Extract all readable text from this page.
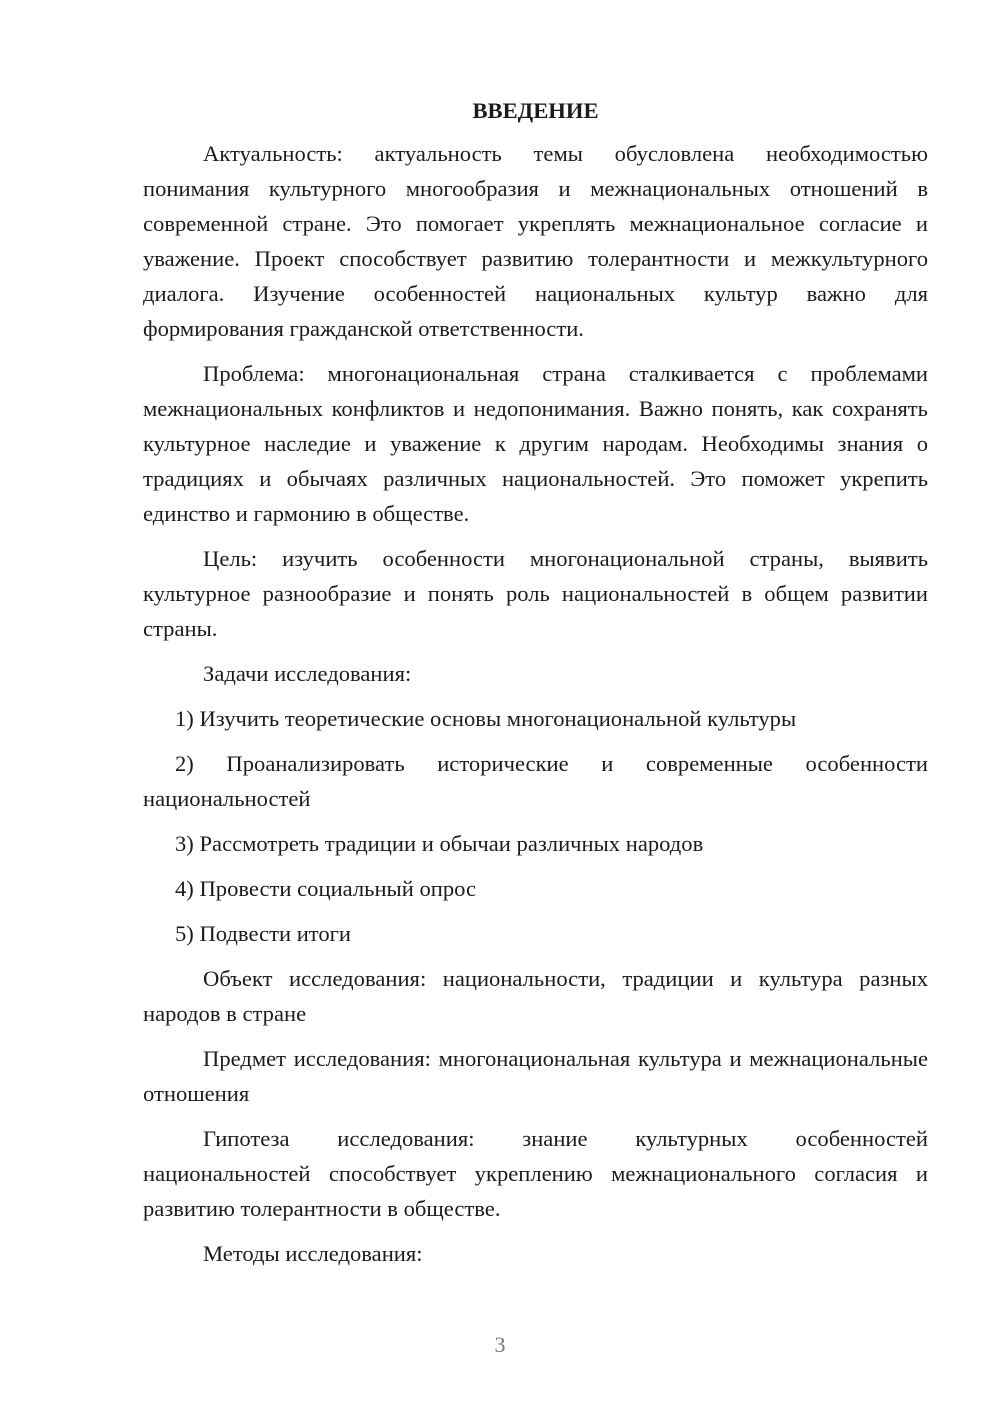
ВВЕДЕНИЕ

Актуальность: актуальность темы обусловлена необходимостью понимания культурного многообразия и межнациональных отношений в современной стране. Это помогает укреплять межнациональное согласие и уважение. Проект способствует развитию толерантности и межкультурного диалога. Изучение особенностей национальных культур важно для формирования гражданской ответственности.

Проблема: многонациональная страна сталкивается с проблемами межнациональных конфликтов и недопонимания. Важно понять, как сохранять культурное наследие и уважение к другим народам. Необходимы знания о традициях и обычаях различных национальностей. Это поможет укрепить единство и гармонию в обществе.

Цель: изучить особенности многонациональной страны, выявить культурное разнообразие и понять роль национальностей в общем развитии страны.

Задачи исследования:

1) Изучить теоретические основы многонациональной культуры

2) Проанализировать исторические и современные особенности национальностей

3) Рассмотреть традиции и обычаи различных народов

4) Провести социальный опрос

5) Подвести итоги

Объект исследования: национальности, традиции и культура разных народов в стране

Предмет исследования: многонациональная культура и межнациональные отношения

Гипотеза исследования: знание культурных особенностей национальностей способствует укреплению межнационального согласия и развитию толерантности в обществе.

Методы исследования:

3
